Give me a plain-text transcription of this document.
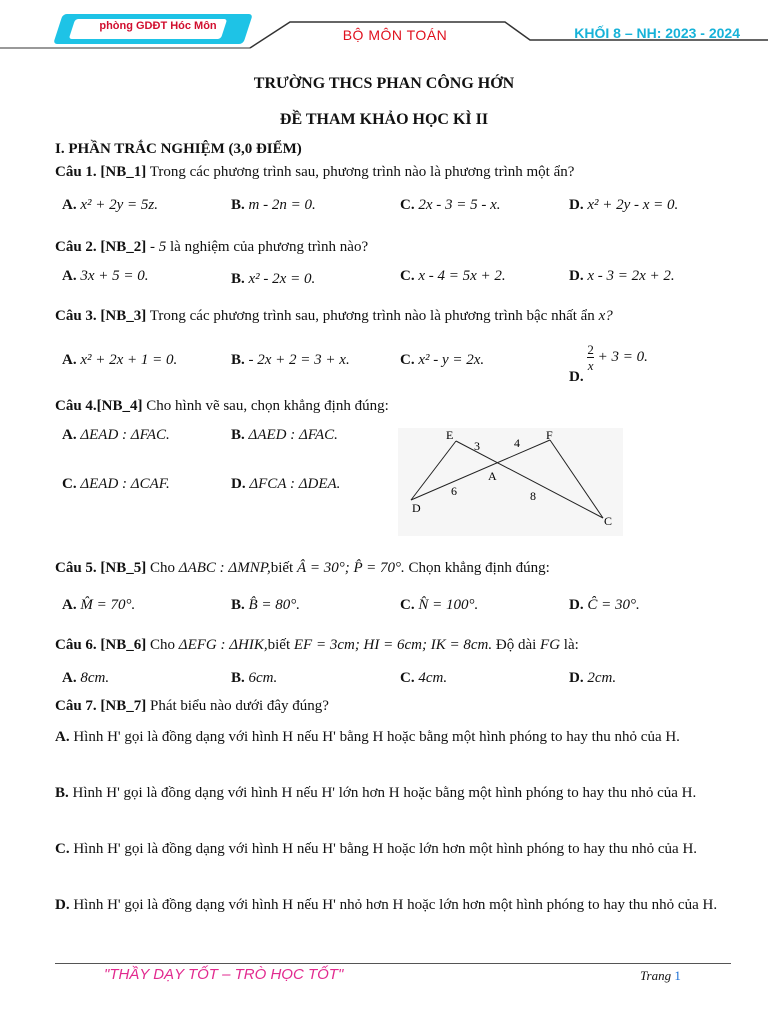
phòng GDĐT Hóc Môn
BỘ MÔN TOÁN	KHỐI 8 – NH: 2023 - 2024
TRƯỜNG THCS PHAN CÔNG HỚN
ĐỀ THAM KHẢO HỌC KÌ II
I. PHẦN TRẮC NGHIỆM (3,0 ĐIỂM)
Câu 1. [NB_1] Trong các phương trình sau, phương trình nào là phương trình một ẩn?
A. x² + 2y = 5z.	B. m - 2n = 0.	C. 2x - 3 = 5 - x.	D. x² + 2y - x = 0.
Câu 2. [NB_2] - 5 là nghiệm của phương trình nào?
A. 3x + 5 = 0.	B. x² - 2x = 0.	C. x - 4 = 5x + 2.	D. x - 3 = 2x + 2.
Câu 3. [NB_3] Trong các phương trình sau, phương trình nào là phương trình bậc nhất ẩn x?
A. x² + 2x + 1 = 0.	B. - 2x + 2 = 3 + x.	C. x² - y = 2x.
D.
$\frac{2}{x} + 3 = 0$.
Câu 4.[NB_4] Cho hình vẽ sau, chọn khẳng định đúng:
A. ΔEAD : ΔFAC.	B. ΔAED : ΔFAC.
C. ΔEAD : ΔCAF.	D. ΔFCA : ΔDEA.
E	F
A
D
C
3	4
6	8
Câu 5. [NB_5] Cho ΔABC : ΔMNP,biết Â = 30°; P̂ = 70°. Chọn khẳng định đúng:
A. M̂ = 70°.	B. B̂ = 80°.	C. N̂ = 100°.	D. Ĉ = 30°.
Câu 6. [NB_6] Cho ΔEFG : ΔHIK,biết EF = 3cm; HI = 6cm; IK = 8cm. Độ dài FG là:
A. 8cm.	B. 6cm.	C. 4cm.	D. 2cm.
Câu 7. [NB_7] Phát biểu nào dưới đây đúng?
A. Hình H' gọi là đồng dạng với hình H nếu H' bằng H hoặc bằng một hình phóng to hay thu nhỏ của H.
B. Hình H' gọi là đồng dạng với hình H nếu H' lớn hơn H hoặc bằng một hình phóng to hay thu nhỏ của H.
C. Hình H' gọi là đồng dạng với hình H nếu H' bằng H hoặc lớn hơn một hình phóng to hay thu nhỏ của H.
D. Hình H' gọi là đồng dạng với hình H nếu H' nhỏ hơn H hoặc lớn hơn một hình phóng to hay thu nhỏ của H.
"THẦY DẠY TỐT – TRÒ HỌC TỐT"	Trang 1
